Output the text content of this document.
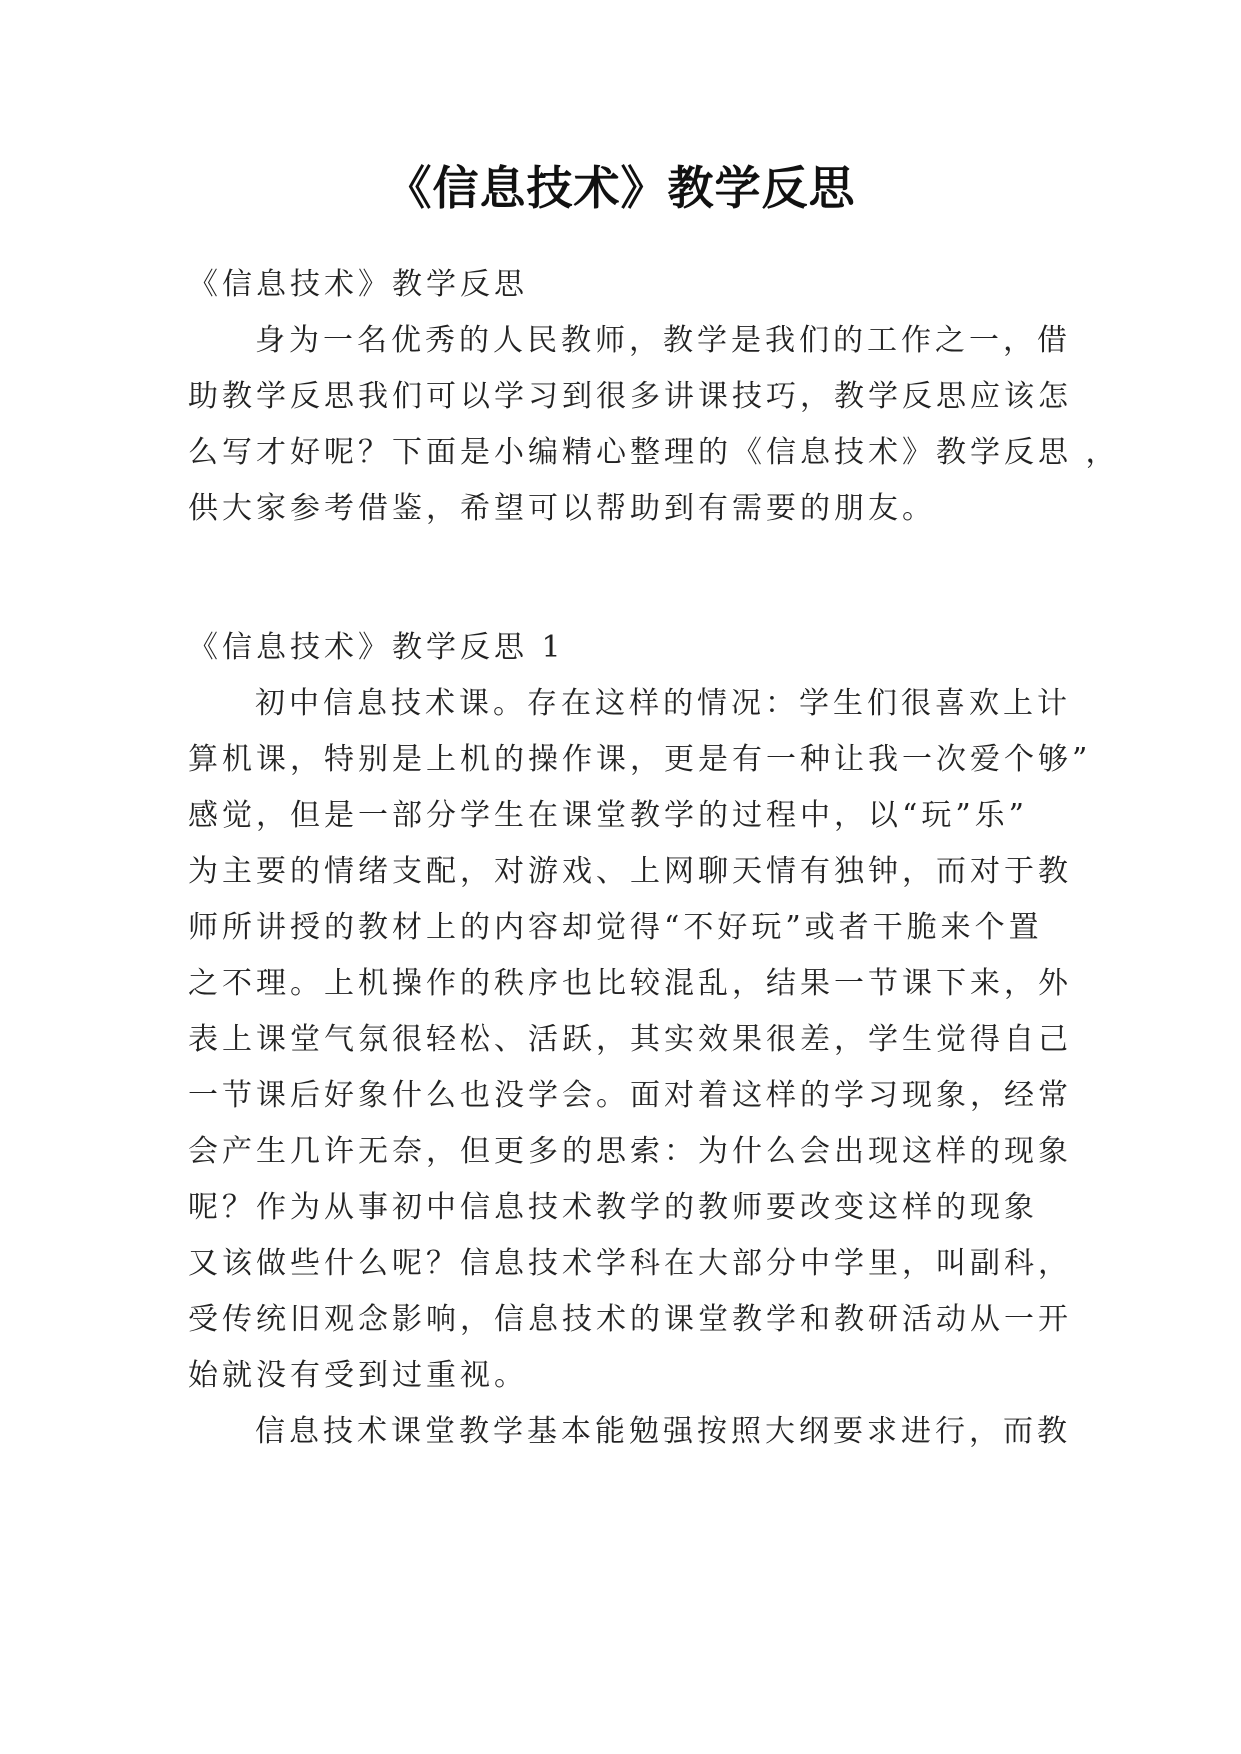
《信息技术》教学反思
《信息技术》教学反思
身为一名优秀的人民教师，教学是我们的工作之一，借
助教学反思我们可以学习到很多讲课技巧，教学反思应该怎
么写才好呢？下面是小编精心整理的《信息技术》教学反思 ，
供大家参考借鉴，希望可以帮助到有需要的朋友。
《信息技术》教学反思 1
初中信息技术课。存在这样的情况：学生们很喜欢上计
算机课，特别是上机的操作课，更是有一种让我一次爱个够”
感觉，但是一部分学生在课堂教学的过程中，以“玩”乐”
为主要的情绪支配，对游戏、上网聊天情有独钟，而对于教
师所讲授的教材上的内容却觉得“不好玩”或者干脆来个置
之不理。上机操作的秩序也比较混乱，结果一节课下来，外
表上课堂气氛很轻松、活跃，其实效果很差，学生觉得自己
一节课后好象什么也没学会。面对着这样的学习现象，经常
会产生几许无奈，但更多的思索：为什么会出现这样的现象
呢？作为从事初中信息技术教学的教师要改变这样的现象
又该做些什么呢？信息技术学科在大部分中学里，叫副科，
受传统旧观念影响，信息技术的课堂教学和教研活动从一开
始就没有受到过重视。
信息技术课堂教学基本能勉强按照大纲要求进行，而教
